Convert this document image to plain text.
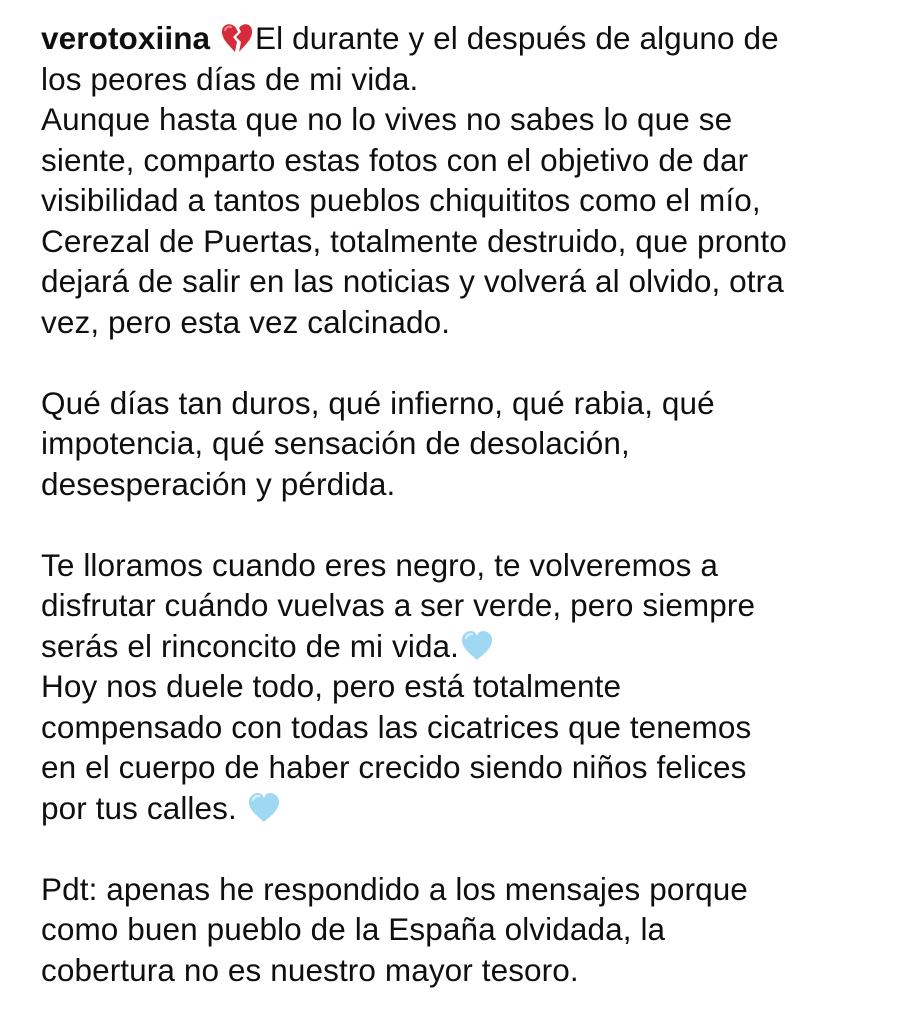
verotoxiina El durante y el después de alguno de
los peores días de mi vida.
Aunque hasta que no lo vives no sabes lo que se
siente, comparto estas fotos con el objetivo de dar
visibilidad a tantos pueblos chiquititos como el mío,
Cerezal de Puertas, totalmente destruido, que pronto
dejará de salir en las noticias y volverá al olvido, otra
vez, pero esta vez calcinado.
Qué días tan duros, qué infierno, qué rabia, qué
impotencia, qué sensación de desolación,
desesperación y pérdida.
Te lloramos cuando eres negro, te volveremos a
disfrutar cuándo vuelvas a ser verde, pero siempre
serás el rinconcito de mi vida.
Hoy nos duele todo, pero está totalmente
compensado con todas las cicatrices que tenemos
en el cuerpo de haber crecido siendo niños felices
por tus calles.
Pdt: apenas he respondido a los mensajes porque
como buen pueblo de la España olvidada, la
cobertura no es nuestro mayor tesoro.
